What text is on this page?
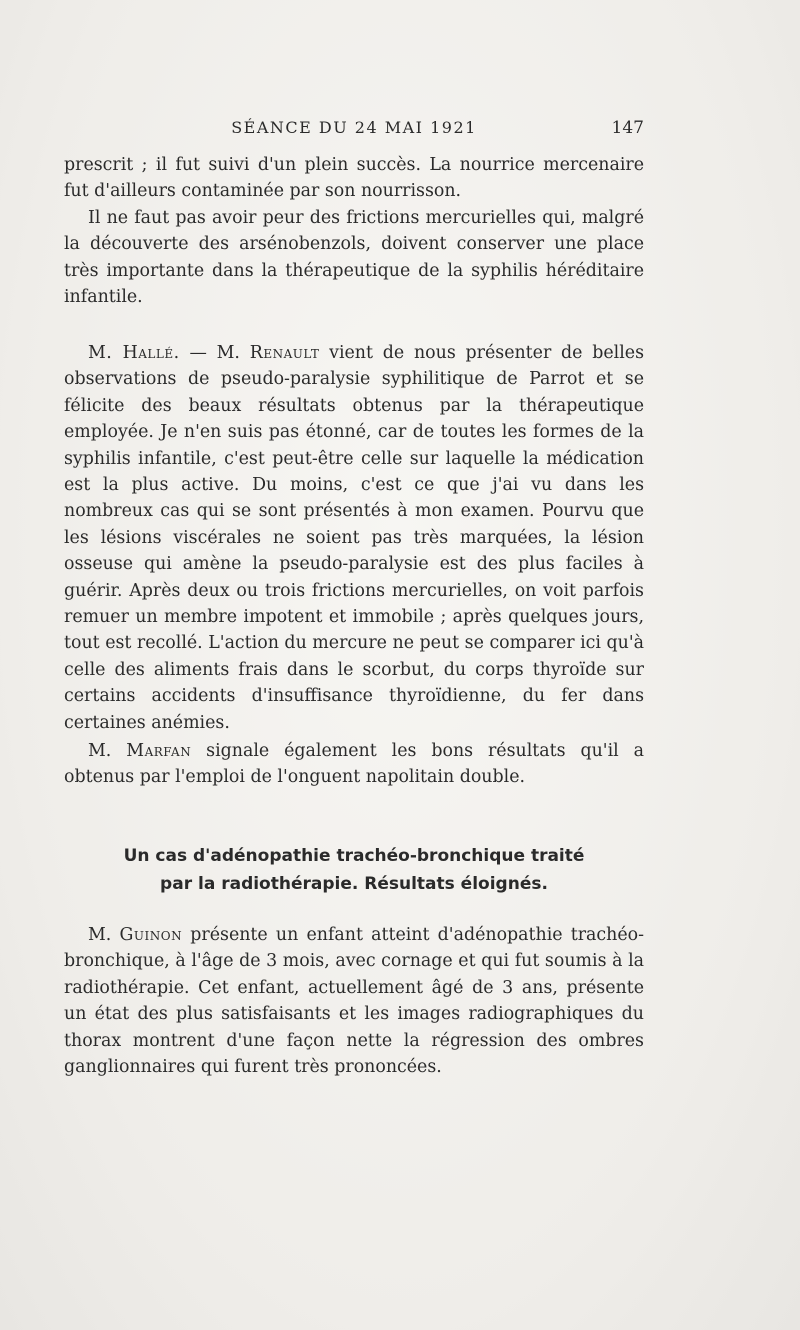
SÉANCE DU 24 MAI 1921	147

prescrit ; il fut suivi d'un plein succès. La nourrice mercenaire fut d'ailleurs contaminée par son nourrisson.

Il ne faut pas avoir peur des frictions mercurielles qui, malgré la découverte des arsénobenzols, doivent conserver une place très importante dans la thérapeutique de la syphilis héréditaire infantile.

M. Hallé. — M. Renault vient de nous présenter de belles observations de pseudo-paralysie syphilitique de Parrot et se félicite des beaux résultats obtenus par la thérapeutique employée. Je n'en suis pas étonné, car de toutes les formes de la syphilis infantile, c'est peut-être celle sur laquelle la médication est la plus active. Du moins, c'est ce que j'ai vu dans les nombreux cas qui se sont présentés à mon examen. Pourvu que les lésions viscérales ne soient pas très marquées, la lésion osseuse qui amène la pseudo-paralysie est des plus faciles à guérir. Après deux ou trois frictions mercurielles, on voit parfois remuer un membre impotent et immobile ; après quelques jours, tout est recollé. L'action du mercure ne peut se comparer ici qu'à celle des aliments frais dans le scorbut, du corps thyroïde sur certains accidents d'insuffisance thyroïdienne, du fer dans certaines anémies.

M. Marfan signale également les bons résultats qu'il a obtenus par l'emploi de l'onguent napolitain double.

Un cas d'adénopathie trachéo-bronchique traité

par la radiothérapie. Résultats éloignés.

M. Guinon présente un enfant atteint d'adénopathie trachéo-bronchique, à l'âge de 3 mois, avec cornage et qui fut soumis à la radiothérapie. Cet enfant, actuellement âgé de 3 ans, présente un état des plus satisfaisants et les images radiographiques du thorax montrent d'une façon nette la régression des ombres ganglionnaires qui furent très prononcées.
